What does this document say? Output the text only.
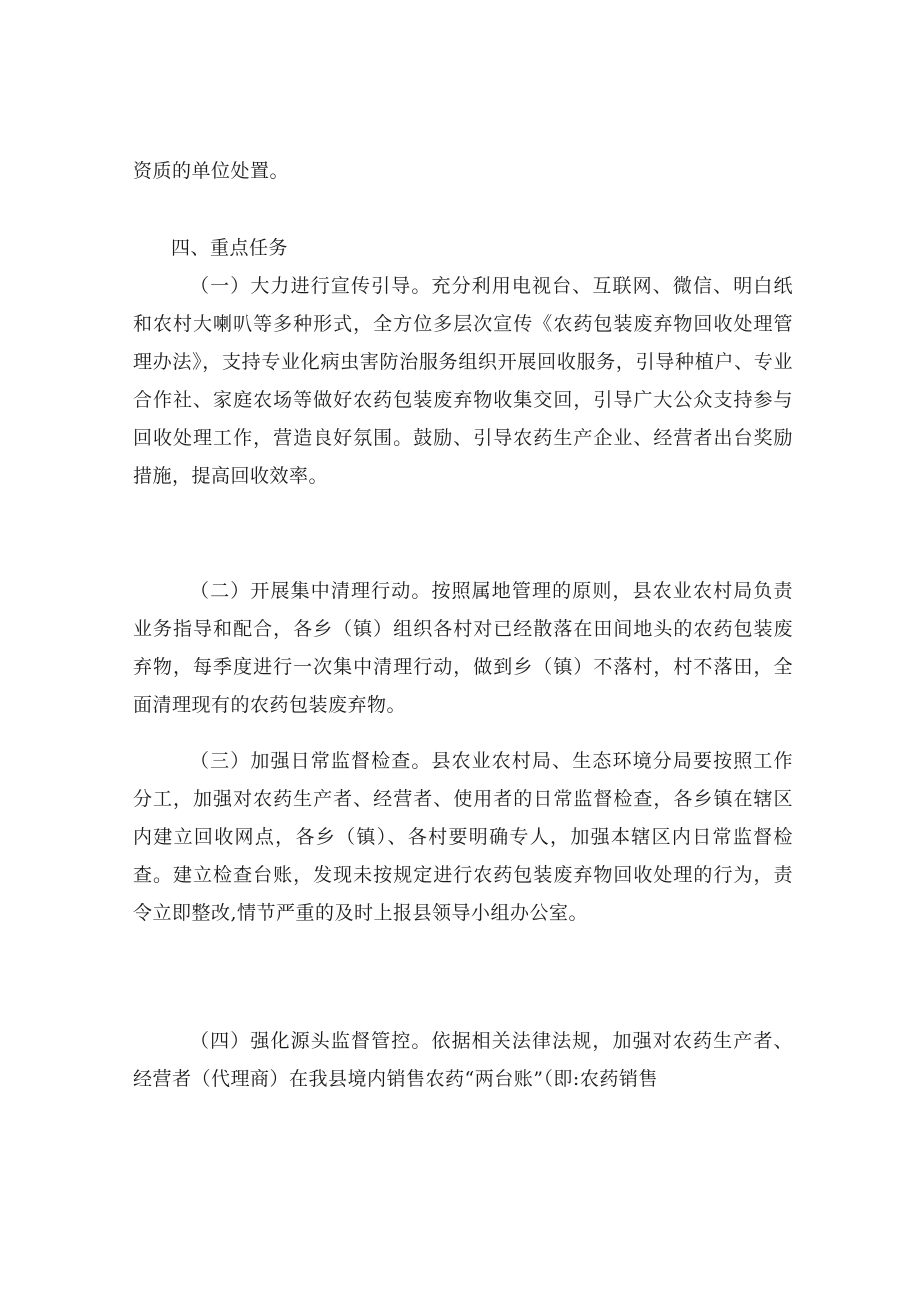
资质的单位处置。

四、重点任务

（一）大力进行宣传引导。充分利用电视台、互联网、微信、明白纸和农村大喇叭等多种形式，全方位多层次宣传《农药包装废弃物回收处理管理办法》，支持专业化病虫害防治服务组织开展回收服务，引导种植户、专业合作社、家庭农场等做好农药包装废弃物收集交回，引导广大公众支持参与回收处理工作，营造良好氛围。鼓励、引导农药生产企业、经营者出台奖励措施，提高回收效率。

（二）开展集中清理行动。按照属地管理的原则，县农业农村局负责业务指导和配合，各乡（镇）组织各村对已经散落在田间地头的农药包装废弃物，每季度进行一次集中清理行动，做到乡（镇）不落村，村不落田，全面清理现有的农药包装废弃物。

（三）加强日常监督检查。县农业农村局、生态环境分局要按照工作分工，加强对农药生产者、经营者、使用者的日常监督检查，各乡镇在辖区内建立回收网点，各乡（镇）、各村要明确专人，加强本辖区内日常监督检查。建立检查台账，发现未按规定进行农药包装废弃物回收处理的行为，责令立即整改,情节严重的及时上报县领导小组办公室。

（四）强化源头监督管控。依据相关法律法规，加强对农药生产者、经营者（代理商）在我县境内销售农药“两台账”（即:农药销售
